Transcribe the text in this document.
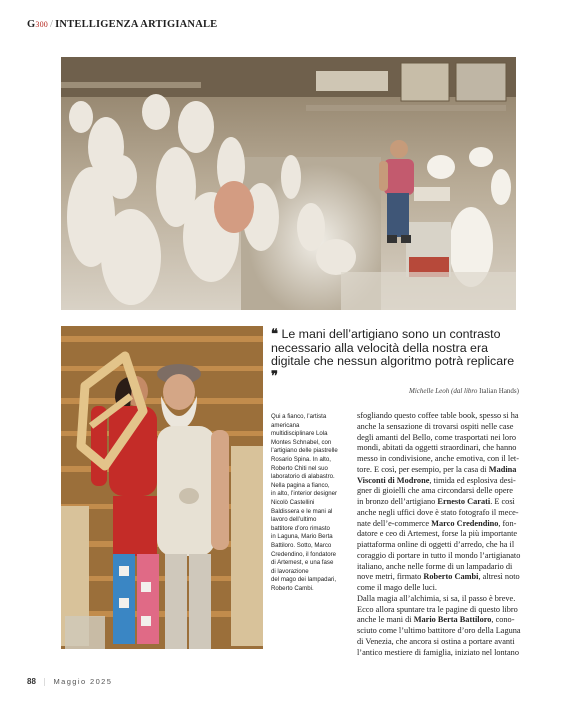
G300 / INTELLIGENZA ARTIGIANALE
❝ Le mani dell’artigiano sono un contrasto necessario alla velocità della nostra era digitale che nessun algoritmo potrà replicare ❞
Michelle Leoh (dal libro Italian Hands)
Qui a fianco, l’artista
americana
multidisciplinare Lola
Montes Schnabel, con
l’artigiano delle piastrelle
Rosario Spina. In alto,
Roberto Chiti nel suo
laboratorio di alabastro.
Nella pagina a fianco,
in alto, l’interior designer
Nicolò Castellini
Baldissera e le mani al
lavoro dell’ultimo
battitore d’oro rimasto
in Laguna, Mario Berta
Battiloro. Sotto, Marco
Credendino, il fondatore
di Artemest, e una fase
di lavorazione
del mago dei lampadari,
Roberto Cambi.
sfogliando questo coffee table book, spesso si ha
anche la sensazione di trovarsi ospiti nelle case
degli amanti del Bello, come trasportati nei loro
mondi, abitati da oggetti straordinari, che hanno
messo in condivisione, anche emotiva, con il let-
tore. E così, per esempio, per la casa di Madina
Visconti di Modrone, timida ed esplosiva desi-
gner di gioielli che ama circondarsi delle opere
in bronzo dell’artigiano Ernesto Carati. E così
anche negli uffici dove è stato fotografo il mece-
nate dell’e-commerce Marco Credendino, fon-
datore e ceo di Artemest, forse la più importante
piattaforma online di oggetti d’arredo, che ha il
coraggio di portare in tutto il mondo l’artigianato
italiano, anche nelle forme di un lampadario di
nove metri, firmato Roberto Cambi, altresì noto
come il mago delle luci.
Dalla magia all’alchimia, si sa, il passo è breve.
Ecco allora spuntare tra le pagine di questo libro
anche le mani di Mario Berta Battiloro, cono-
sciuto come l’ultimo battitore d’oro della Laguna
di Venezia, che ancora si ostina a portare avanti
l’antico mestiere di famiglia, iniziato nel lontano
88 | Maggio 2025
